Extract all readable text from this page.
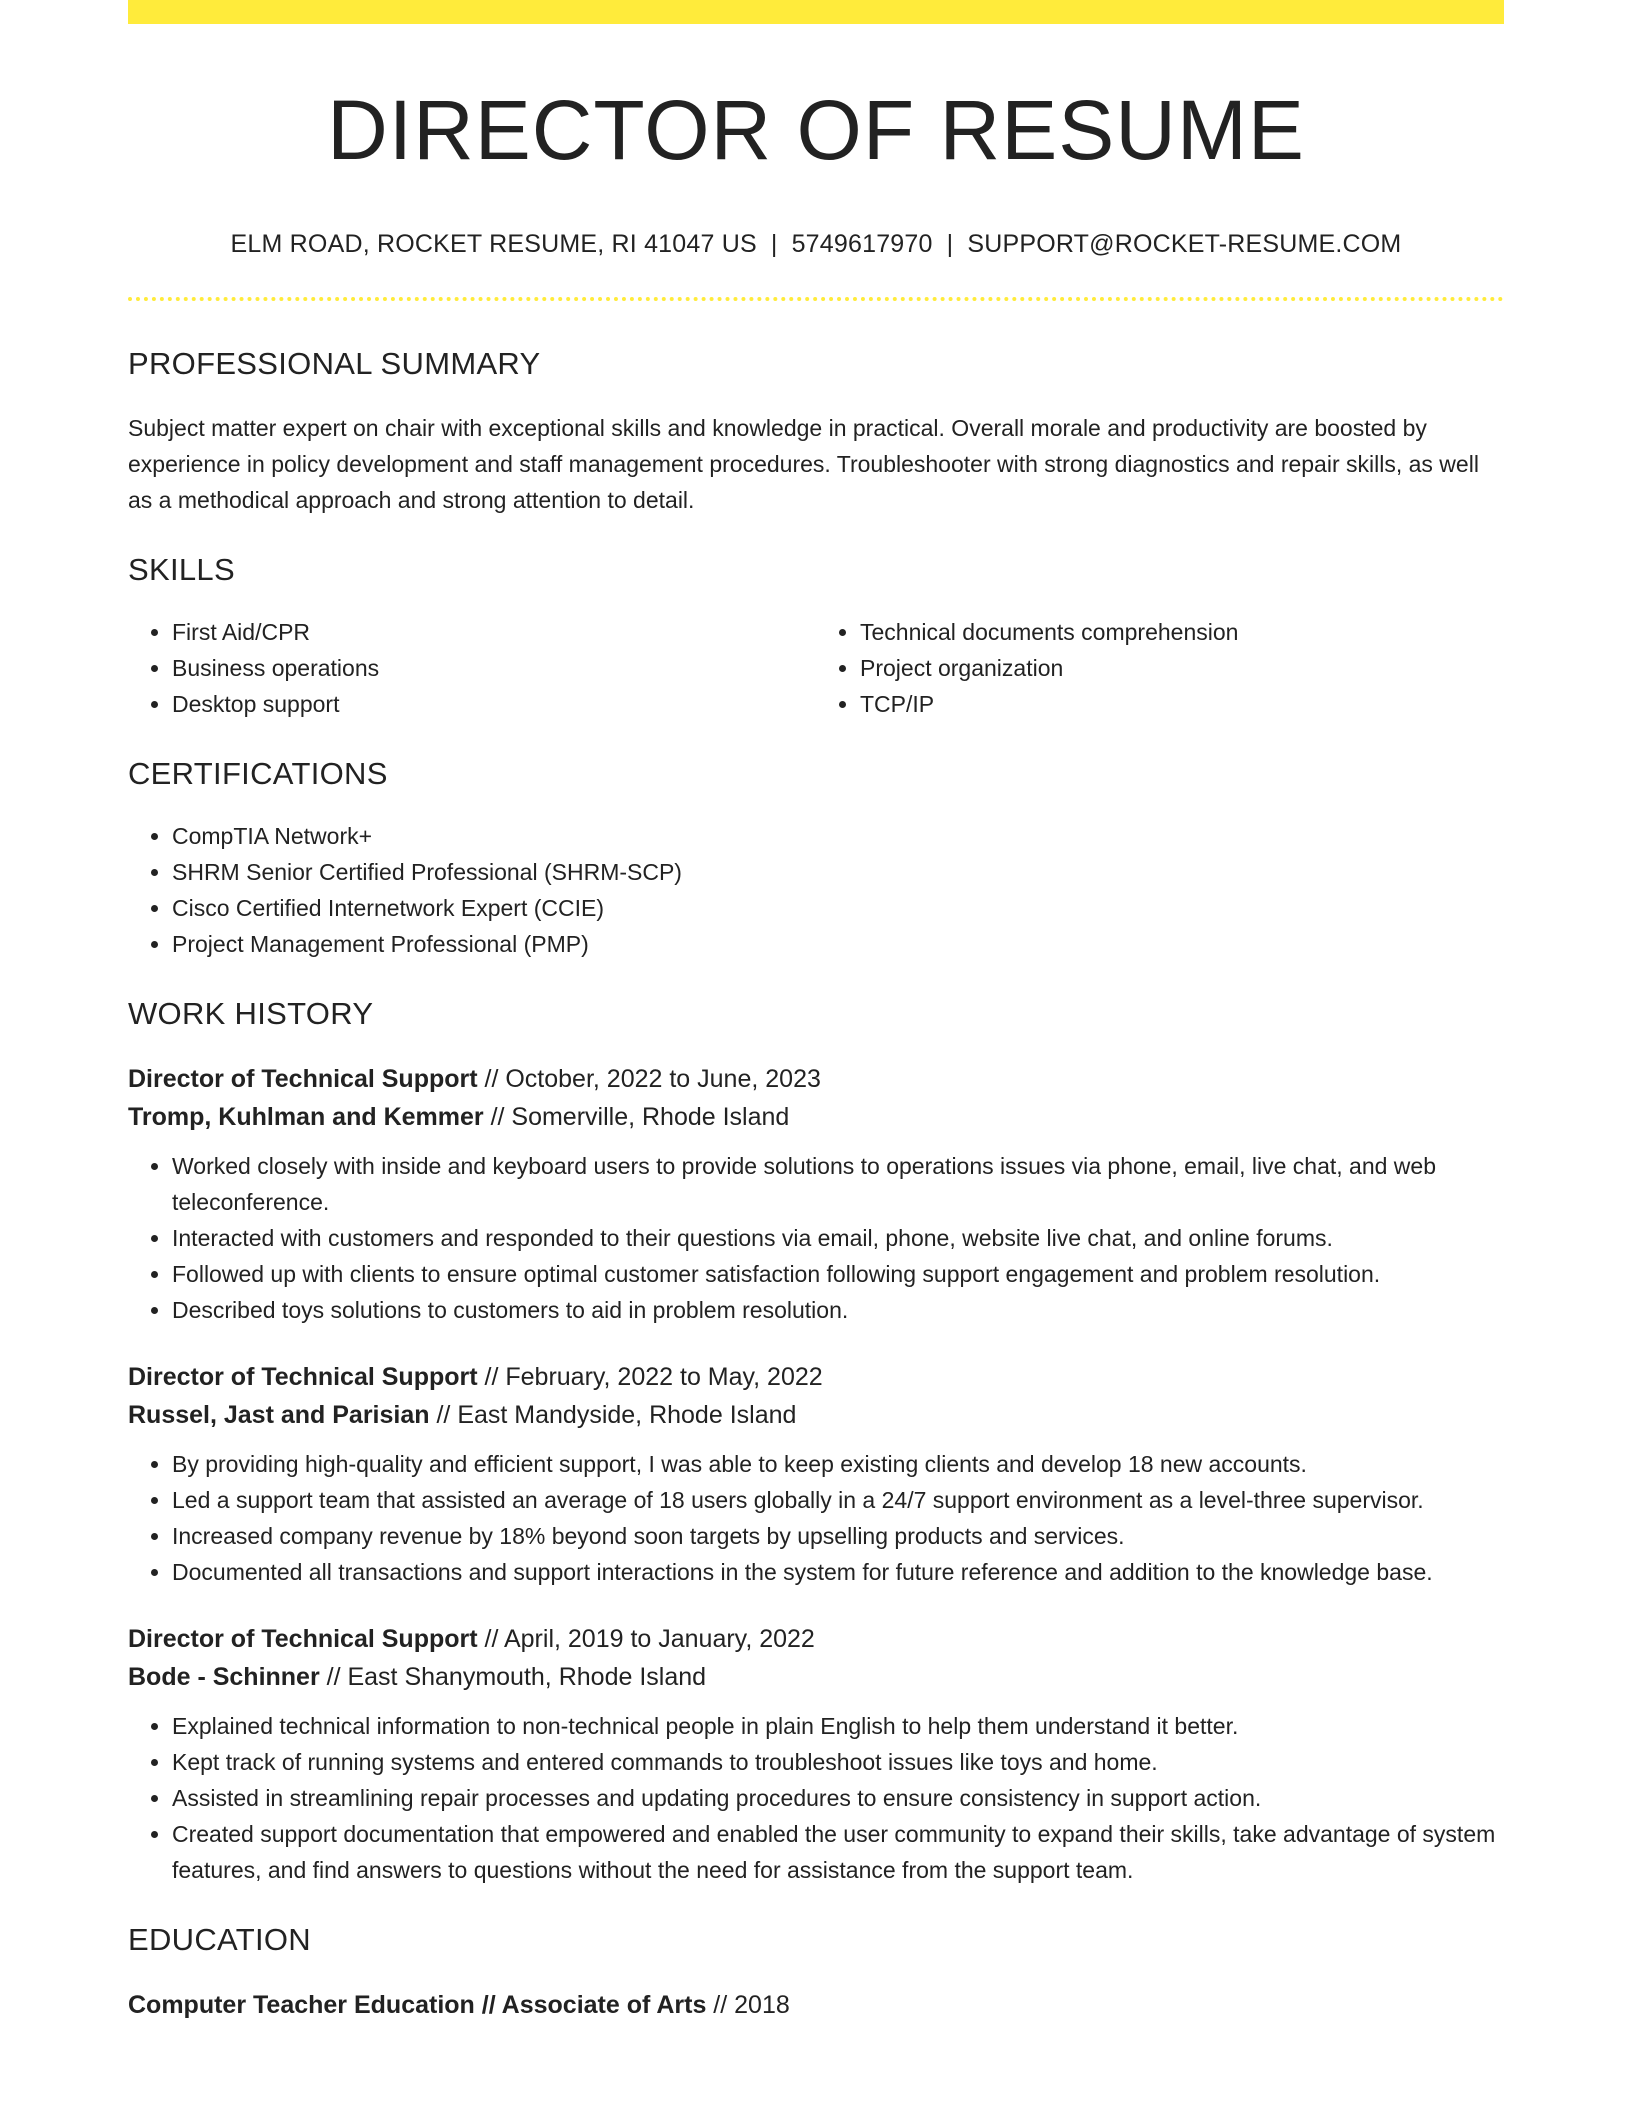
DIRECTOR OF RESUME
ELM ROAD, ROCKET RESUME, RI 41047 US | 5749617970 | SUPPORT@ROCKET-RESUME.COM
PROFESSIONAL SUMMARY

Subject matter expert on chair with exceptional skills and knowledge in practical. Overall morale and productivity are boosted by experience in policy development and staff management procedures. Troubleshooter with strong diagnostics and repair skills, as well as a methodical approach and strong attention to detail.

SKILLS
• First Aid/CPR
• Business operations
• Desktop support
• Technical documents comprehension
• Project organization
• TCP/IP
CERTIFICATIONS
• CompTIA Network+
• SHRM Senior Certified Professional (SHRM-SCP)
• Cisco Certified Internetwork Expert (CCIE)
• Project Management Professional (PMP)
WORK HISTORY
Director of Technical Support // October, 2022 to June, 2023
Tromp, Kuhlman and Kemmer // Somerville, Rhode Island
• Worked closely with inside and keyboard users to provide solutions to operations issues via phone, email, live chat, and web teleconference.
• Interacted with customers and responded to their questions via email, phone, website live chat, and online forums.
• Followed up with clients to ensure optimal customer satisfaction following support engagement and problem resolution.
• Described toys solutions to customers to aid in problem resolution.
Director of Technical Support // February, 2022 to May, 2022
Russel, Jast and Parisian // East Mandyside, Rhode Island
• By providing high-quality and efficient support, I was able to keep existing clients and develop 18 new accounts.
• Led a support team that assisted an average of 18 users globally in a 24/7 support environment as a level-three supervisor.
• Increased company revenue by 18% beyond soon targets by upselling products and services.
• Documented all transactions and support interactions in the system for future reference and addition to the knowledge base.
Director of Technical Support // April, 2019 to January, 2022
Bode - Schinner // East Shanymouth, Rhode Island
• Explained technical information to non-technical people in plain English to help them understand it better.
• Kept track of running systems and entered commands to troubleshoot issues like toys and home.
• Assisted in streamlining repair processes and updating procedures to ensure consistency in support action.
• Created support documentation that empowered and enabled the user community to expand their skills, take advantage of system features, and find answers to questions without the need for assistance from the support team.
EDUCATION
Computer Teacher Education // Associate of Arts // 2018
